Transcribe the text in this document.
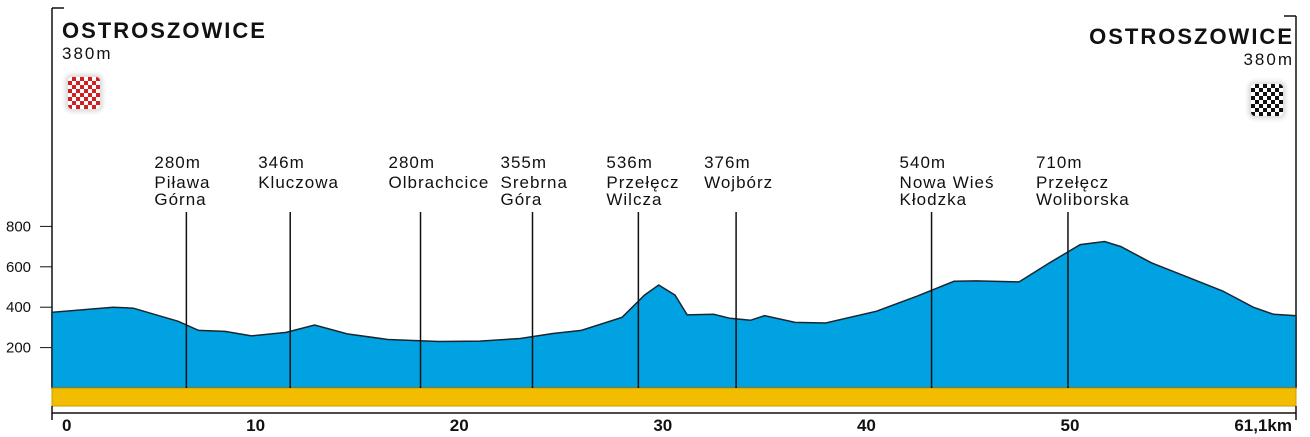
200
400
600
800
280m
Piława
Górna
346m
Kluczowa
280m
Olbrachcice
355m
Srebrna
Góra
536m
Przełęcz
Wilcza
376m
Wojbórz
540m
Nowa Wieś
Kłodzka
710m
Przełęcz
Woliborska
0	10	20	30	40	50	61,1km
OSTROSZOWICE
380m
OSTROSZOWICE
380m
